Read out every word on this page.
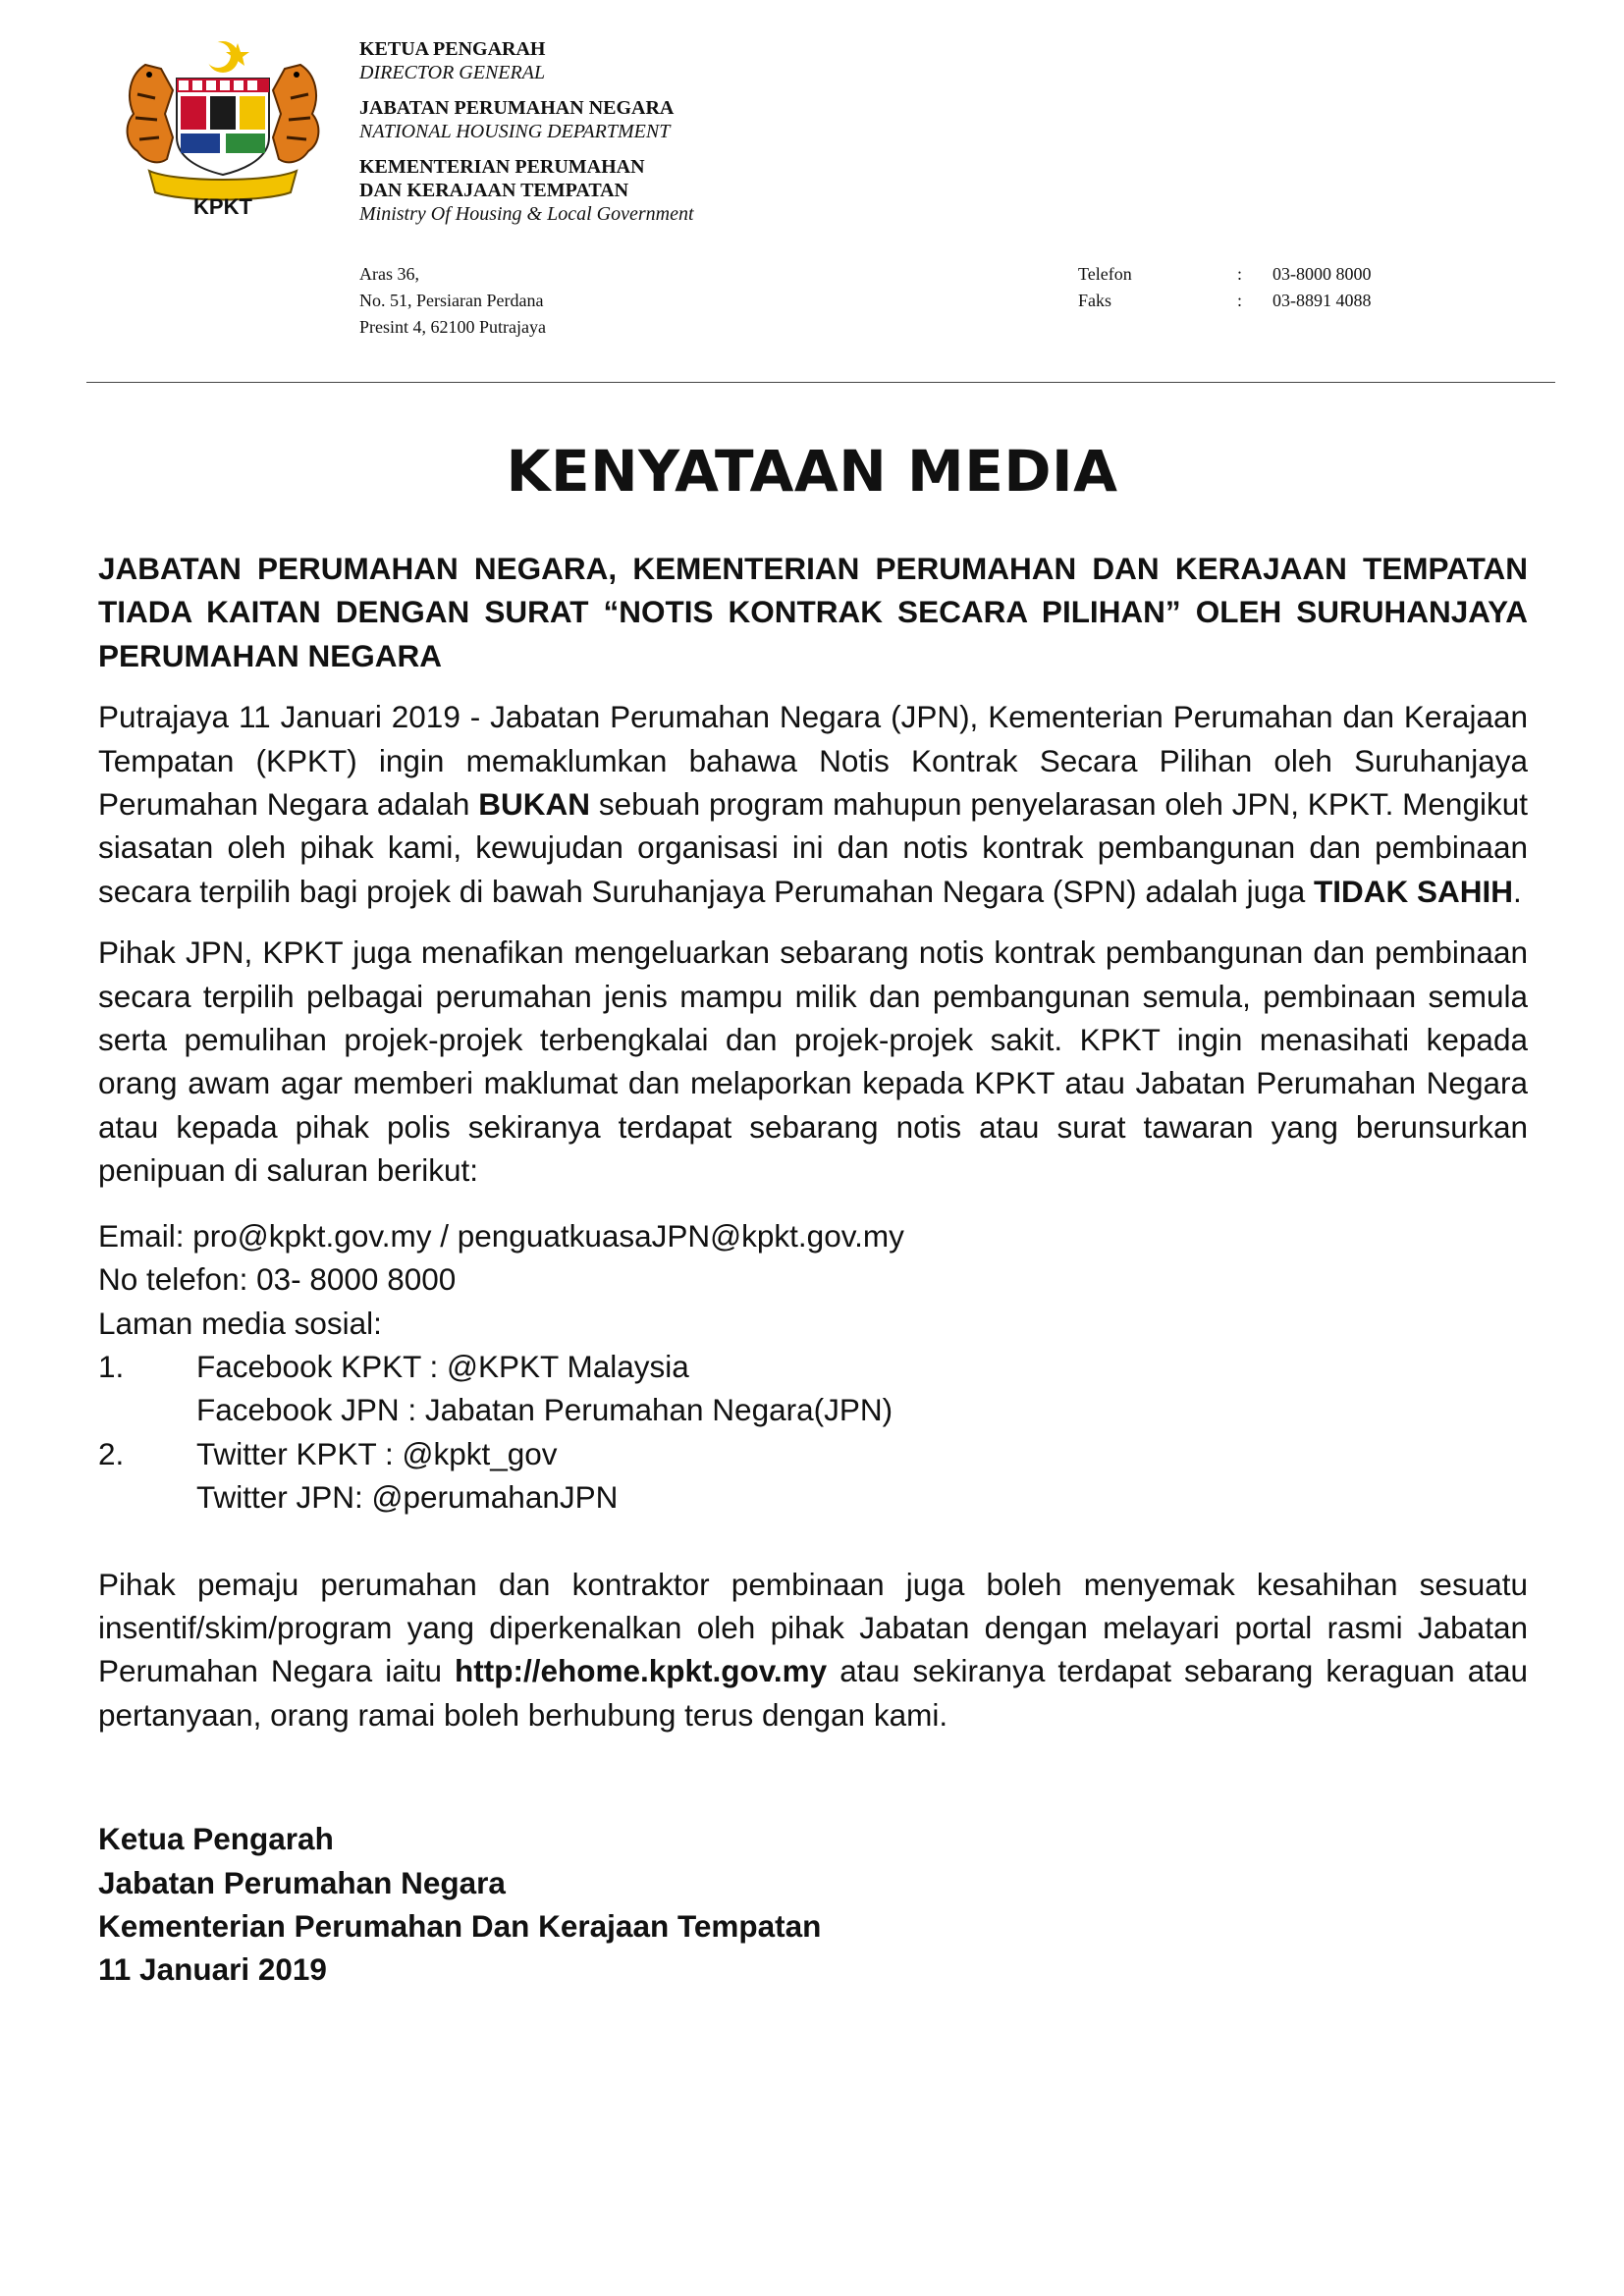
KPKT
KETUA PENGARAH
DIRECTOR GENERAL
JABATAN PERUMAHAN NEGARA
NATIONAL HOUSING DEPARTMENT
KEMENTERIAN PERUMAHAN
DAN KERAJAAN TEMPATAN
Ministry Of Housing & Local Government
Aras 36,
No. 51, Persiaran Perdana
Presint 4, 62100 Putrajaya
Telefon	:	03-8000 8000
Faks	:	03-8891 4088
KENYATAAN MEDIA

JABATAN PERUMAHAN NEGARA, KEMENTERIAN PERUMAHAN DAN KERAJAAN TEMPATAN TIADA KAITAN DENGAN SURAT “NOTIS KONTRAK SECARA PILIHAN” OLEH SURUHANJAYA PERUMAHAN NEGARA

Putrajaya 11 Januari 2019 - Jabatan Perumahan Negara (JPN), Kementerian Perumahan dan Kerajaan Tempatan (KPKT) ingin memaklumkan bahawa Notis Kontrak Secara Pilihan oleh Suruhanjaya Perumahan Negara adalah BUKAN sebuah program mahupun penyelarasan oleh JPN, KPKT. Mengikut siasatan oleh pihak kami, kewujudan organisasi ini dan notis kontrak pembangunan dan pembinaan secara terpilih bagi projek di bawah Suruhanjaya Perumahan Negara (SPN) adalah juga TIDAK SAHIH.

Pihak JPN, KPKT juga menafikan mengeluarkan sebarang notis kontrak pembangunan dan pembinaan secara terpilih pelbagai perumahan jenis mampu milik dan pembangunan semula, pembinaan semula serta pemulihan projek-projek terbengkalai dan projek-projek sakit. KPKT ingin menasihati kepada orang awam agar memberi maklumat dan melaporkan kepada KPKT atau Jabatan Perumahan Negara atau kepada pihak polis sekiranya terdapat sebarang notis atau surat tawaran yang berunsurkan penipuan di saluran berikut:

Email: pro@kpkt.gov.my / penguatkuasaJPN@kpkt.gov.my
No telefon: 03- 8000 8000
Laman media sosial:
1.	Facebook KPKT : @KPKT Malaysia
Facebook JPN : Jabatan Perumahan Negara(JPN)
2.	Twitter KPKT : @kpkt_gov
Twitter JPN: @perumahanJPN

Pihak pemaju perumahan dan kontraktor pembinaan juga boleh menyemak kesahihan sesuatu insentif/skim/program yang diperkenalkan oleh pihak Jabatan dengan melayari portal rasmi Jabatan Perumahan Negara iaitu http://ehome.kpkt.gov.my atau sekiranya terdapat sebarang keraguan atau pertanyaan, orang ramai boleh berhubung terus dengan kami.

Ketua Pengarah
Jabatan Perumahan Negara
Kementerian Perumahan Dan Kerajaan Tempatan
11 Januari 2019
